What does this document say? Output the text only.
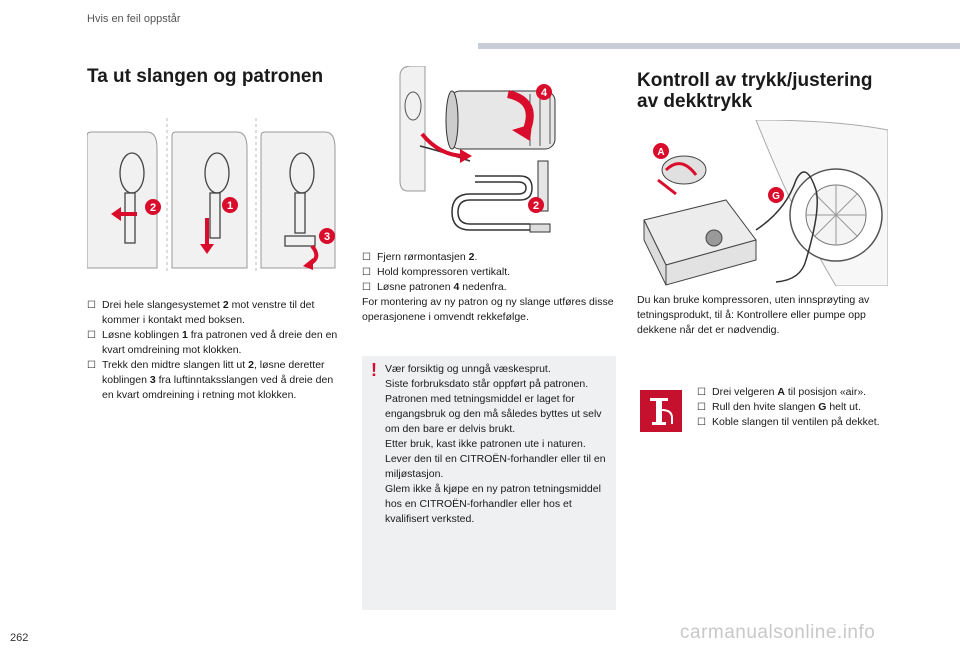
Hvis en feil oppstår
Ta ut slangen og patronen
2	1
3
☐ Drei hele slangesystemet 2 mot venstre til det kommer i kontakt med boksen.
☐ Løsne koblingen 1 fra patronen ved å dreie den en kvart omdreining mot klokken.
☐ Trekk den midtre slangen litt ut 2, løsne deretter koblingen 3 fra luftinntaksslangen ved å dreie den en kvart omdreining i retning mot klokken.
4
2
☐ Fjern rørmontasjen 2.
☐ Hold kompressoren vertikalt.
☐ Løsne patronen 4 nedenfra.
For montering av ny patron og ny slange utføres disse operasjonene i omvendt rekkefølge.
! Vær forsiktig og unngå væskesprut.
Siste forbruksdato står oppført på patronen.
Patronen med tetningsmiddel er laget for engangsbruk og den må således byttes ut selv om den bare er delvis brukt.
Etter bruk, kast ikke patronen ute i naturen. Lever den til en CITROËN-forhandler eller til en miljøstasjon.
Glem ikke å kjøpe en ny patron tetningsmiddel hos en CITROËN-forhandler eller hos et kvalifisert verksted.
Kontroll av trykk/justering
av dekktrykk
A
G
Du kan bruke kompressoren, uten innsprøyting av tetningsprodukt, til å: Kontrollere eller pumpe opp dekkene når det er nødvendig.
☐ Drei velgeren A til posisjon «air».
☐ Rull den hvite slangen G helt ut.
☐ Koble slangen til ventilen på dekket.
262	carmanualsonline.info
